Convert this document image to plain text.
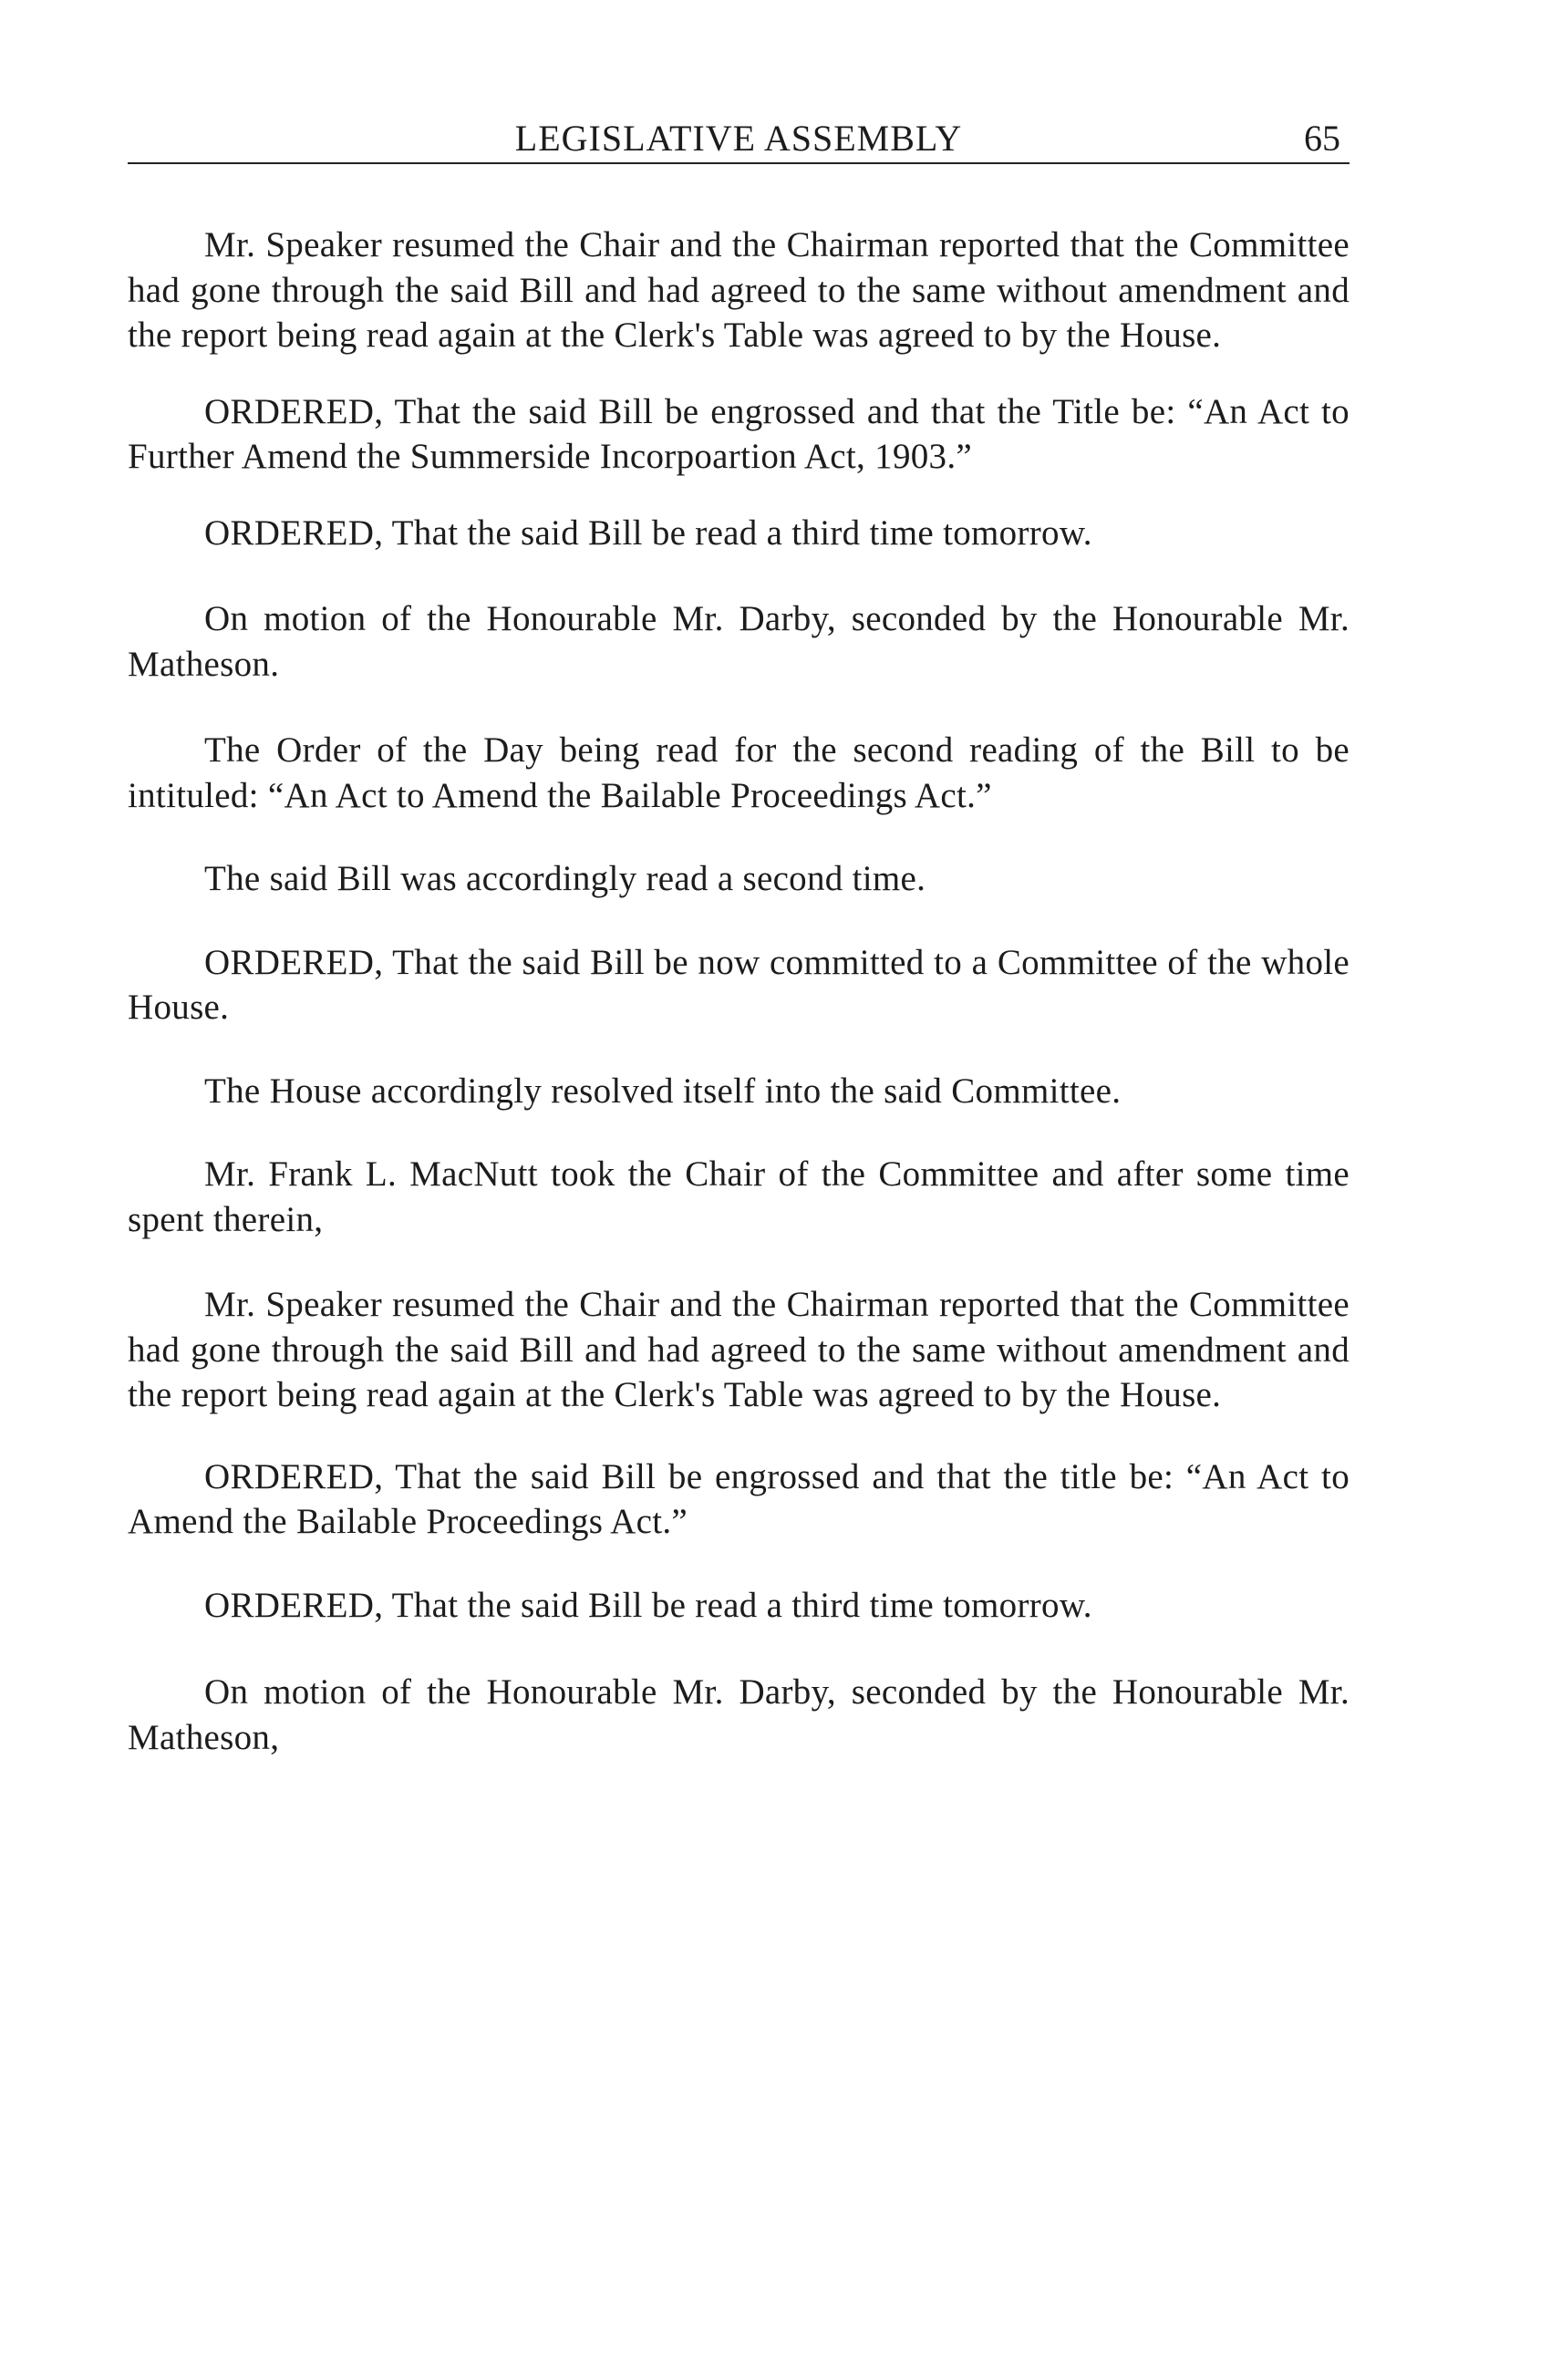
LEGISLATIVE ASSEMBLY	65

Mr. Speaker resumed the Chair and the Chairman reported that the Committee had gone through the said Bill and had agreed to the same without amendment and the report being read again at the Clerk's Table was agreed to by the House.

ORDERED, That the said Bill be engrossed and that the Title be: “An Act to Further Amend the Summerside Incorpoartion Act, 1903.”

ORDERED, That the said Bill be read a third time tomorrow.

On motion of the Honourable Mr. Darby, seconded by the Honourable Mr. Matheson.

The Order of the Day being read for the second reading of the Bill to be intituled: “An Act to Amend the Bailable Proceedings Act.”

The said Bill was accordingly read a second time.

ORDERED, That the said Bill be now committed to a Committee of the whole House.

The House accordingly resolved itself into the said Committee.

Mr. Frank L. MacNutt took the Chair of the Committee and after some time spent therein,

Mr. Speaker resumed the Chair and the Chairman reported that the Committee had gone through the said Bill and had agreed to the same without amendment and the report being read again at the Clerk's Table was agreed to by the House.

ORDERED, That the said Bill be engrossed and that the title be: “An Act to Amend the Bailable Proceedings Act.”

ORDERED, That the said Bill be read a third time tomorrow.

On motion of the Honourable Mr. Darby, seconded by the Honourable Mr. Matheson,
